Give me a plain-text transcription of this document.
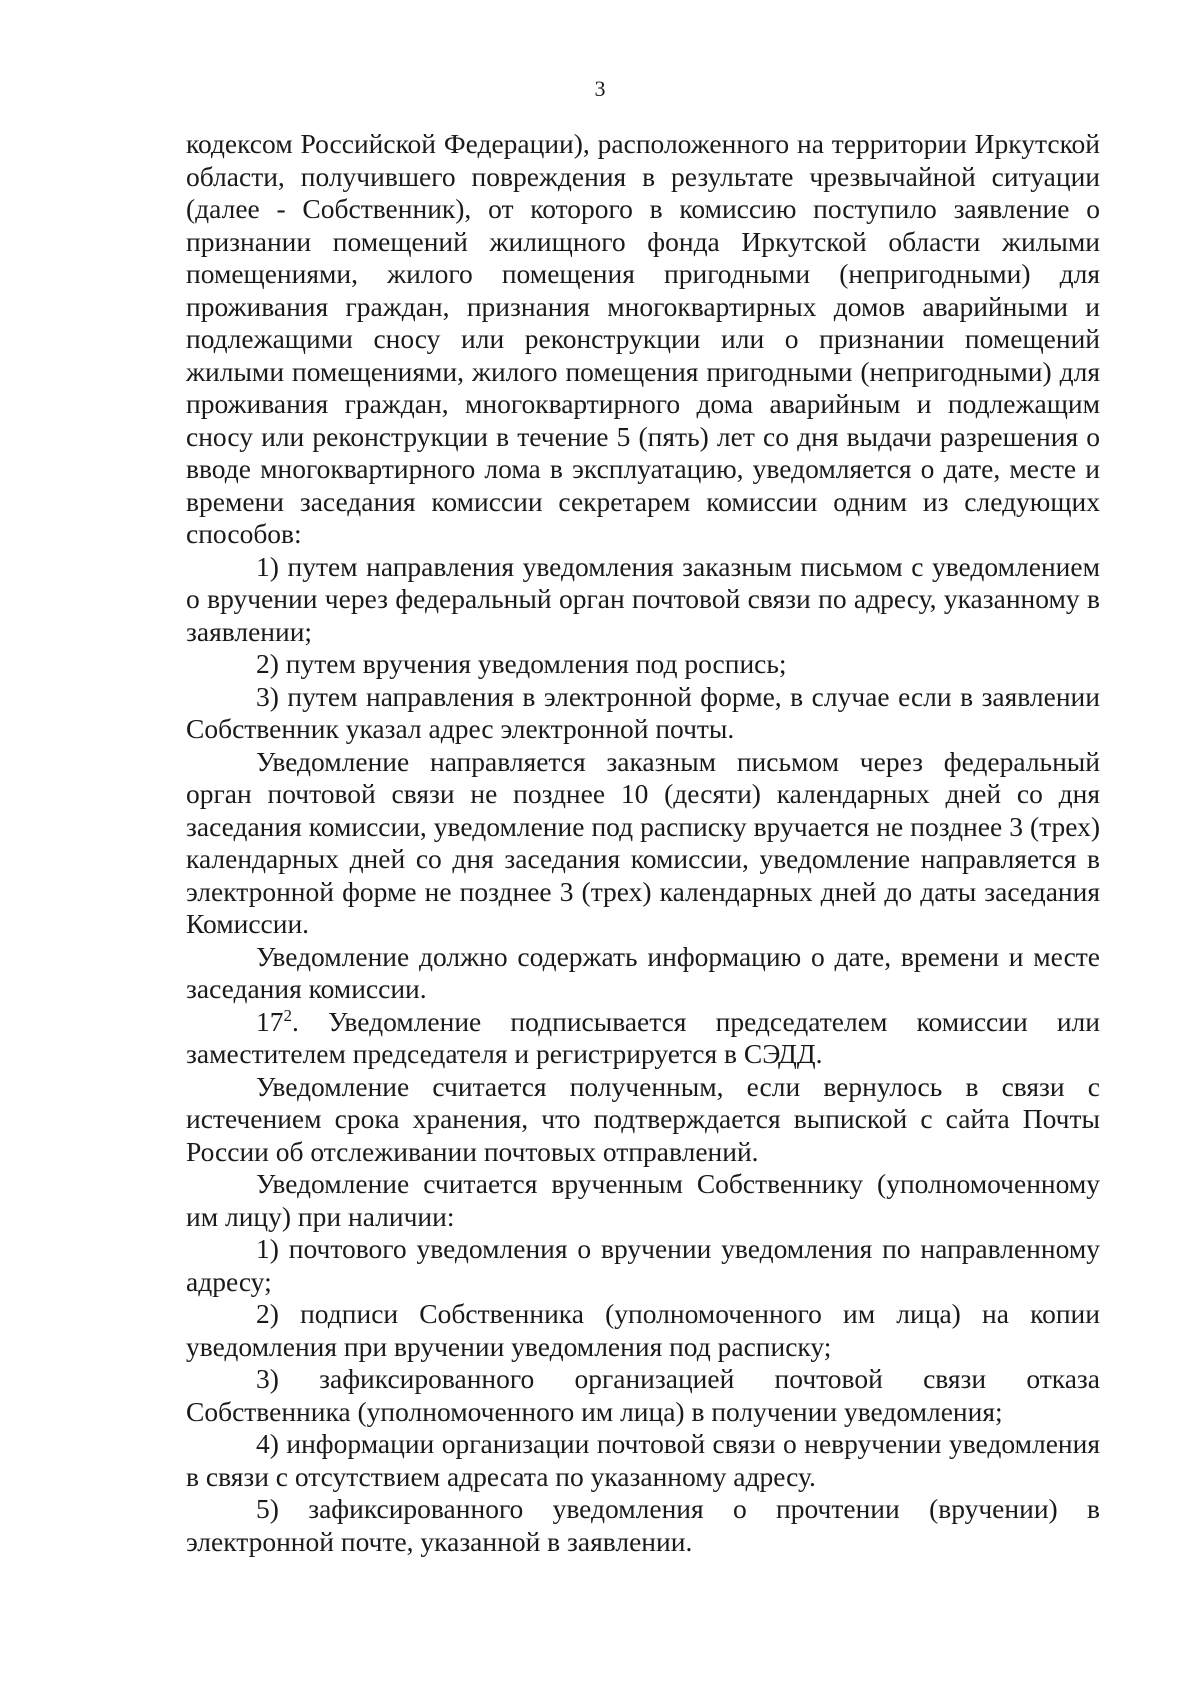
3

кодексом Российской Федерации), расположенного на территории Иркутской области, получившего повреждения в результате чрезвычайной ситуации (далее - Собственник), от которого в комиссию поступило заявление о признании помещений жилищного фонда Иркутской области жилыми помещениями, жилого помещения пригодными (непригодными) для проживания граждан, признания многоквартирных домов аварийными и подлежащими сносу или реконструкции или о признании помещений жилыми помещениями, жилого помещения пригодными (непригодными) для проживания граждан, многоквартирного дома аварийным и подлежащим сносу или реконструкции в течение 5 (пять) лет со дня выдачи разрешения о вводе многоквартирного лома в эксплуатацию, уведомляется о дате, месте и времени заседания комиссии секретарем комиссии одним из следующих способов:

1) путем направления уведомления заказным письмом с уведомлением о вручении через федеральный орган почтовой связи по адресу, указанному в заявлении;

2) путем вручения уведомления под роспись;

3) путем направления в электронной форме, в случае если в заявлении Собственник указал адрес электронной почты.

Уведомление направляется заказным письмом через федеральный орган почтовой связи не позднее 10 (десяти) календарных дней со дня заседания комиссии, уведомление под расписку вручается не позднее 3 (трех) календарных дней со дня заседания комиссии, уведомление направляется в электронной форме не позднее 3 (трех) календарных дней до даты заседания Комиссии.

Уведомление должно содержать информацию о дате, времени и месте заседания комиссии.

$17^2$. Уведомление подписывается председателем комиссии или заместителем председателя и регистрируется в СЭДД.

Уведомление считается полученным, если вернулось в связи с истечением срока хранения, что подтверждается выпиской с сайта Почты России об отслеживании почтовых отправлений.

Уведомление считается врученным Собственнику (уполномоченному им лицу) при наличии:

1) почтового уведомления о вручении уведомления по направленному адресу;

2) подписи Собственника (уполномоченного им лица) на копии уведомления при вручении уведомления под расписку;

3) зафиксированного организацией почтовой связи отказа Собственника (уполномоченного им лица) в получении уведомления;

4) информации организации почтовой связи о невручении уведомления в связи с отсутствием адресата по указанному адресу.

5) зафиксированного уведомления о прочтении (вручении) в электронной почте, указанной в заявлении.
